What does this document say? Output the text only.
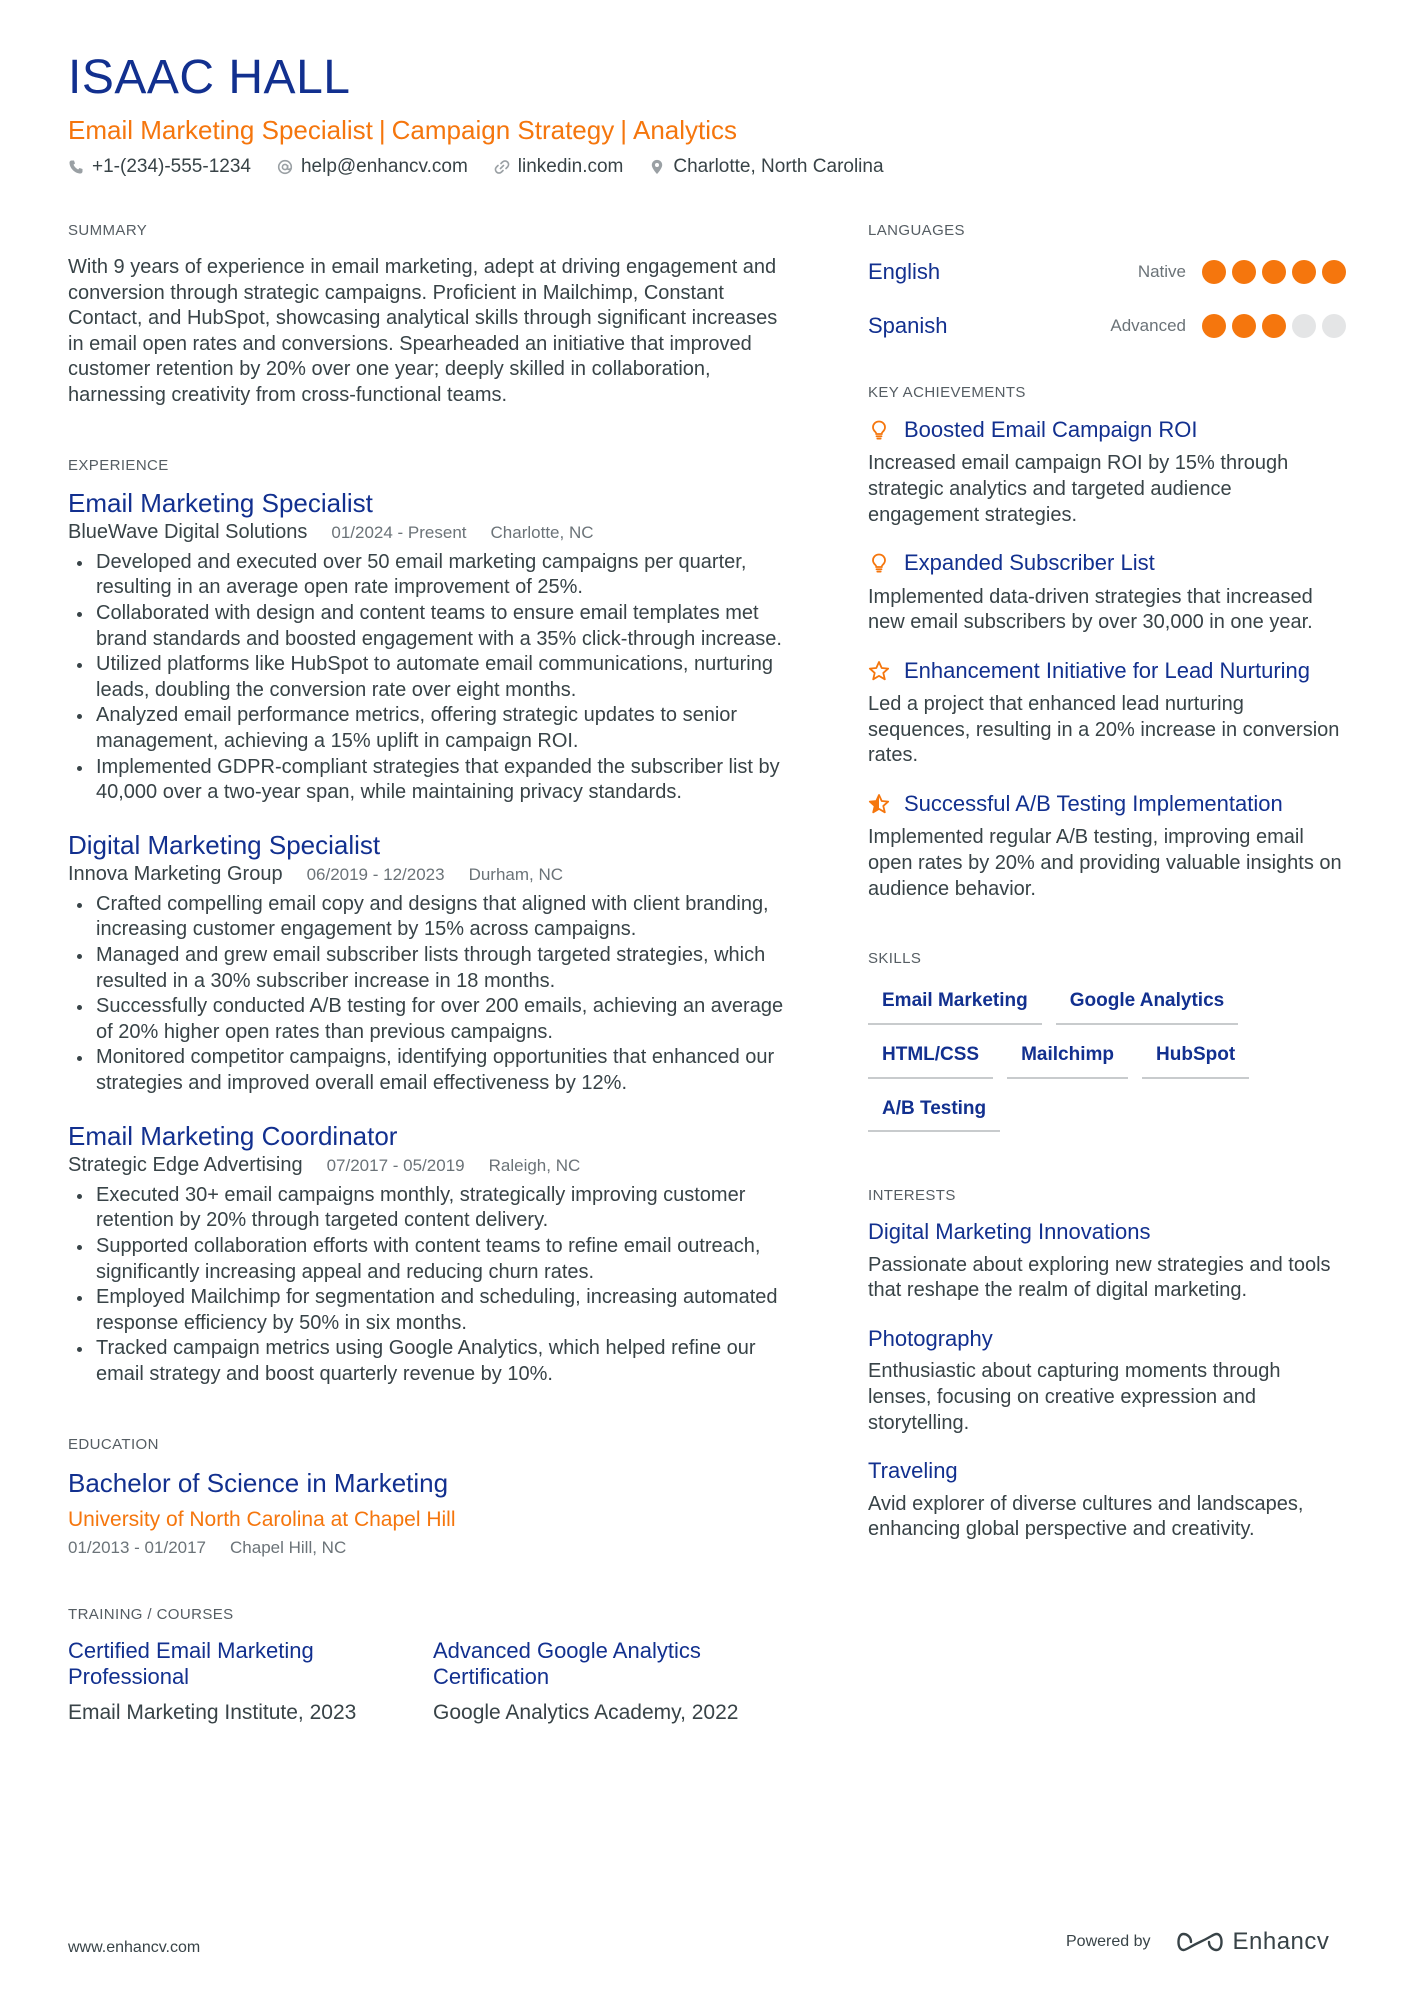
ISAAC HALL
Email Marketing Specialist | Campaign Strategy | Analytics
+1-(234)-555-1234	help@enhancv.com	linkedin.com	Charlotte, North Carolina
SUMMARY
With 9 years of experience in email marketing, adept at driving engagement and conversion through strategic campaigns. Proficient in Mailchimp, Constant Contact, and HubSpot, showcasing analytical skills through significant increases in email open rates and conversions. Spearheaded an initiative that improved customer retention by 20% over one year; deeply skilled in collaboration, harnessing creativity from cross-functional teams.
EXPERIENCE
Email Marketing Specialist
BlueWave Digital Solutions 01/2024 - Present Charlotte, NC
Developed and executed over 50 email marketing campaigns per quarter, resulting in an average open rate improvement of 25%.
Collaborated with design and content teams to ensure email templates met brand standards and boosted engagement with a 35% click-through increase.
Utilized platforms like HubSpot to automate email communications, nurturing leads, doubling the conversion rate over eight months.
Analyzed email performance metrics, offering strategic updates to senior management, achieving a 15% uplift in campaign ROI.
Implemented GDPR-compliant strategies that expanded the subscriber list by 40,000 over a two-year span, while maintaining privacy standards.
Digital Marketing Specialist
Innova Marketing Group 06/2019 - 12/2023 Durham, NC
Crafted compelling email copy and designs that aligned with client branding, increasing customer engagement by 15% across campaigns.
Managed and grew email subscriber lists through targeted strategies, which resulted in a 30% subscriber increase in 18 months.
Successfully conducted A/B testing for over 200 emails, achieving an average of 20% higher open rates than previous campaigns.
Monitored competitor campaigns, identifying opportunities that enhanced our strategies and improved overall email effectiveness by 12%.
Email Marketing Coordinator
Strategic Edge Advertising 07/2017 - 05/2019 Raleigh, NC
Executed 30+ email campaigns monthly, strategically improving customer retention by 20% through targeted content delivery.
Supported collaboration efforts with content teams to refine email outreach, significantly increasing appeal and reducing churn rates.
Employed Mailchimp for segmentation and scheduling, increasing automated response efficiency by 50% in six months.
Tracked campaign metrics using Google Analytics, which helped refine our email strategy and boost quarterly revenue by 10%.
EDUCATION
Bachelor of Science in Marketing
University of North Carolina at Chapel Hill
01/2013 - 01/2017 Chapel Hill, NC
TRAINING / COURSES
Certified Email Marketing Professional
Email Marketing Institute, 2023
Advanced Google Analytics Certification
Google Analytics Academy, 2022
LANGUAGES
English	Native
Spanish	Advanced
KEY ACHIEVEMENTS
Boosted Email Campaign ROI
Increased email campaign ROI by 15% through strategic analytics and targeted audience engagement strategies.
Expanded Subscriber List
Implemented data-driven strategies that increased new email subscribers by over 30,000 in one year.
Enhancement Initiative for Lead Nurturing
Led a project that enhanced lead nurturing sequences, resulting in a 20% increase in conversion rates.
Successful A/B Testing Implementation
Implemented regular A/B testing, improving email open rates by 20% and providing valuable insights on audience behavior.
SKILLS
Email Marketing	Google Analytics
HTML/CSS	Mailchimp	HubSpot
A/B Testing
INTERESTS
Digital Marketing Innovations
Passionate about exploring new strategies and tools that reshape the realm of digital marketing.
Photography
Enthusiastic about capturing moments through lenses, focusing on creative expression and storytelling.
Traveling
Avid explorer of diverse cultures and landscapes, enhancing global perspective and creativity.
www.enhancv.com	Powered by	Enhancv
